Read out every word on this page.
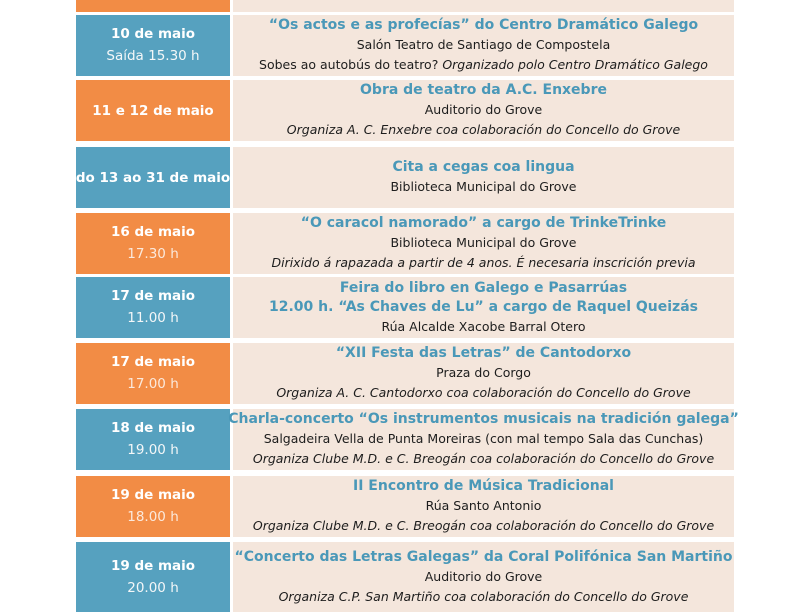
10 de maio
Saída 15.30 h
“Os actos e as profecías” do Centro Dramático Galego
Salón Teatro de Santiago de Compostela
Sobes ao autobús do teatro? Organizado polo Centro Dramático Galego
11 e 12 de maio
Obra de teatro da A.C. Enxebre
Auditorio do Grove
Organiza A. C. Enxebre coa colaboración do Concello do Grove
do 13 ao 31 de maio
Cita a cegas coa lingua
Biblioteca Municipal do Grove
16 de maio
17.30 h
“O caracol namorado” a cargo de TrinkeTrinke
Biblioteca Municipal do Grove
Dirixido á rapazada a partir de 4 anos. É necesaria inscrición previa
17 de maio
11.00 h
Feira do libro en Galego e Pasarrúas
12.00 h. “As Chaves de Lu” a cargo de Raquel Queizás
Rúa Alcalde Xacobe Barral Otero
17 de maio
17.00 h
“XII Festa das Letras” de Cantodorxo
Praza do Corgo
Organiza A. C. Cantodorxo coa colaboración do Concello do Grove
18 de maio
19.00 h
Charla-concerto “Os instrumentos musicais na tradición galega”
Salgadeira Vella de Punta Moreiras (con mal tempo Sala das Cunchas)
Organiza Clube M.D. e C. Breogán coa colaboración do Concello do Grove
19 de maio
18.00 h
II Encontro de Música Tradicional
Rúa Santo Antonio
Organiza Clube M.D. e C. Breogán coa colaboración do Concello do Grove
19 de maio
20.00 h
“Concerto das Letras Galegas” da Coral Polifónica San Martiño
Auditorio do Grove
Organiza C.P. San Martiño coa colaboración do Concello do Grove
